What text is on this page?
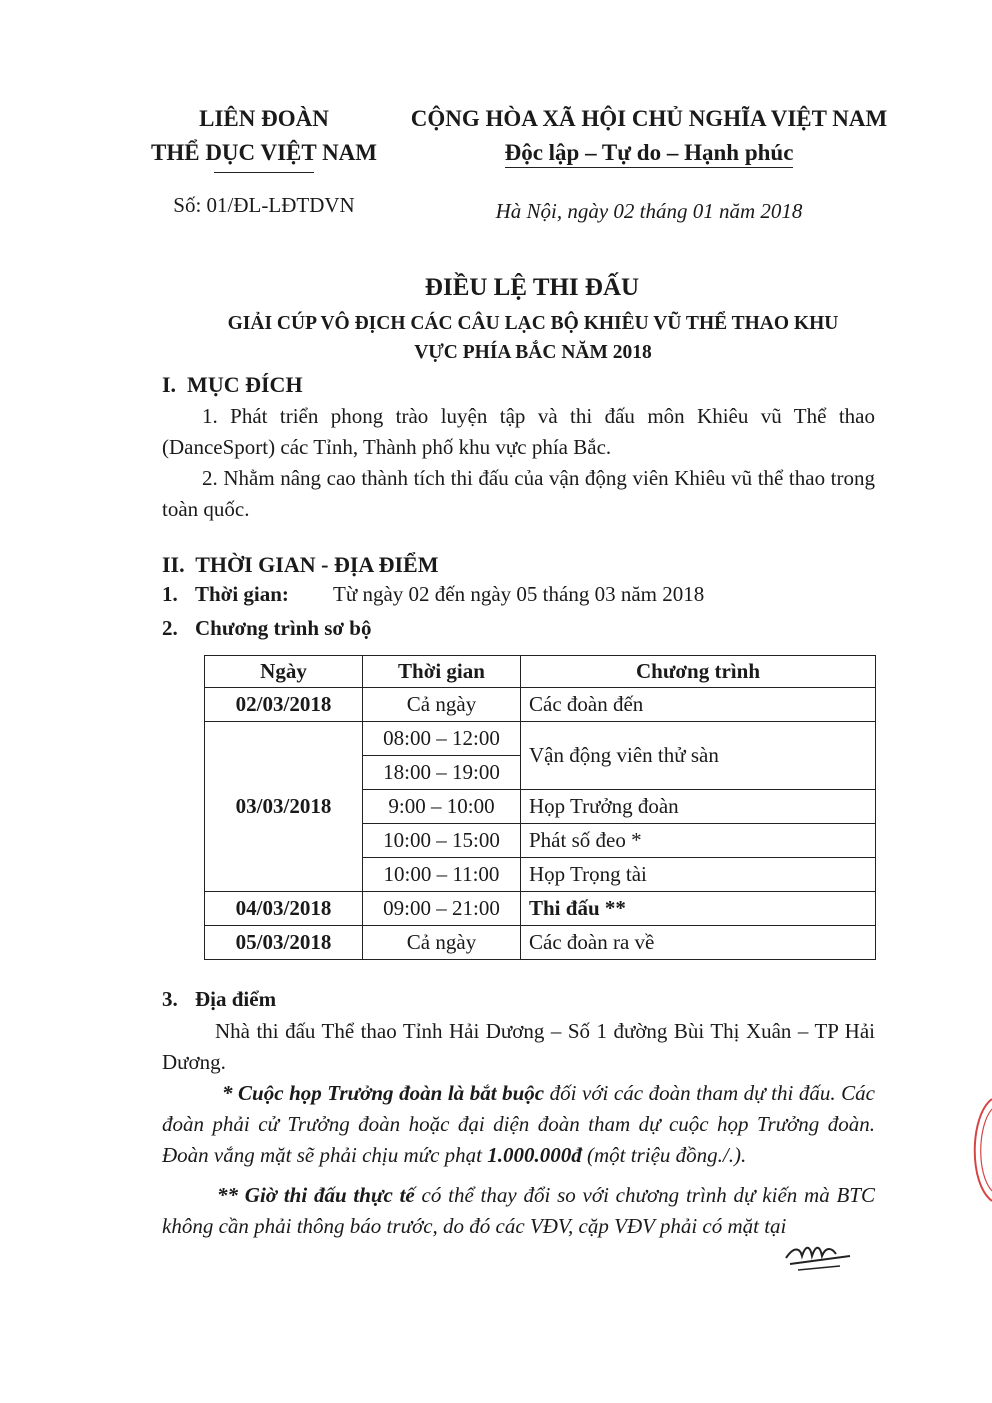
LIÊN ĐOÀN
THỂ DỤC VIỆT NAM
Số: 01/ĐL-LĐTDVN
CỘNG HÒA XÃ HỘI CHỦ NGHĨA VIỆT NAM
Độc lập – Tự do – Hạnh phúc
Hà Nội, ngày 02 tháng 01 năm 2018
ĐIỀU LỆ THI ĐẤU
GIẢI CÚP VÔ ĐỊCH CÁC CÂU LẠC BỘ KHIÊU VŨ THỂ THAO KHU
VỰC PHÍA BẮC NĂM 2018
I.  MỤC ĐÍCH
1. Phát triển phong trào luyện tập và thi đấu môn Khiêu vũ Thể thao (DanceSport) các Tỉnh, Thành phố khu vực phía Bắc.
2. Nhằm nâng cao thành tích thi đấu của vận động viên Khiêu vũ thể thao trong toàn quốc.
II.  THỜI GIAN - ĐỊA ĐIỂM
1. Thời gian: Từ ngày 02 đến ngày 05 tháng 03 năm 2018
2. Chương trình sơ bộ
Ngày	Thời gian	Chương trình
02/03/2018	Cả ngày	Các đoàn đến
03/03/2018	08:00 – 12:00	Vận động viên thử sàn
	18:00 – 19:00	
	9:00 – 10:00	Họp Trưởng đoàn
	10:00 – 15:00	Phát số đeo *
	10:00 – 11:00	Họp Trọng tài
04/03/2018	09:00 – 21:00	Thi đấu **
05/03/2018	Cả ngày	Các đoàn ra về
3. Địa điểm
Nhà thi đấu Thể thao Tỉnh Hải Dương – Số 1 đường Bùi Thị Xuân – TP Hải Dương.
* Cuộc họp Trưởng đoàn là bắt buộc đối với các đoàn tham dự thi đấu. Các đoàn phải cử Trưởng đoàn hoặc đại diện đoàn tham dự cuộc họp Trưởng đoàn. Đoàn vắng mặt sẽ phải chịu mức phạt 1.000.000đ (một triệu đồng./.).
** Giờ thi đấu thực tế có thể thay đổi so với chương trình dự kiến mà BTC không cần phải thông báo trước, do đó các VĐV, cặp VĐV phải có mặt tại
